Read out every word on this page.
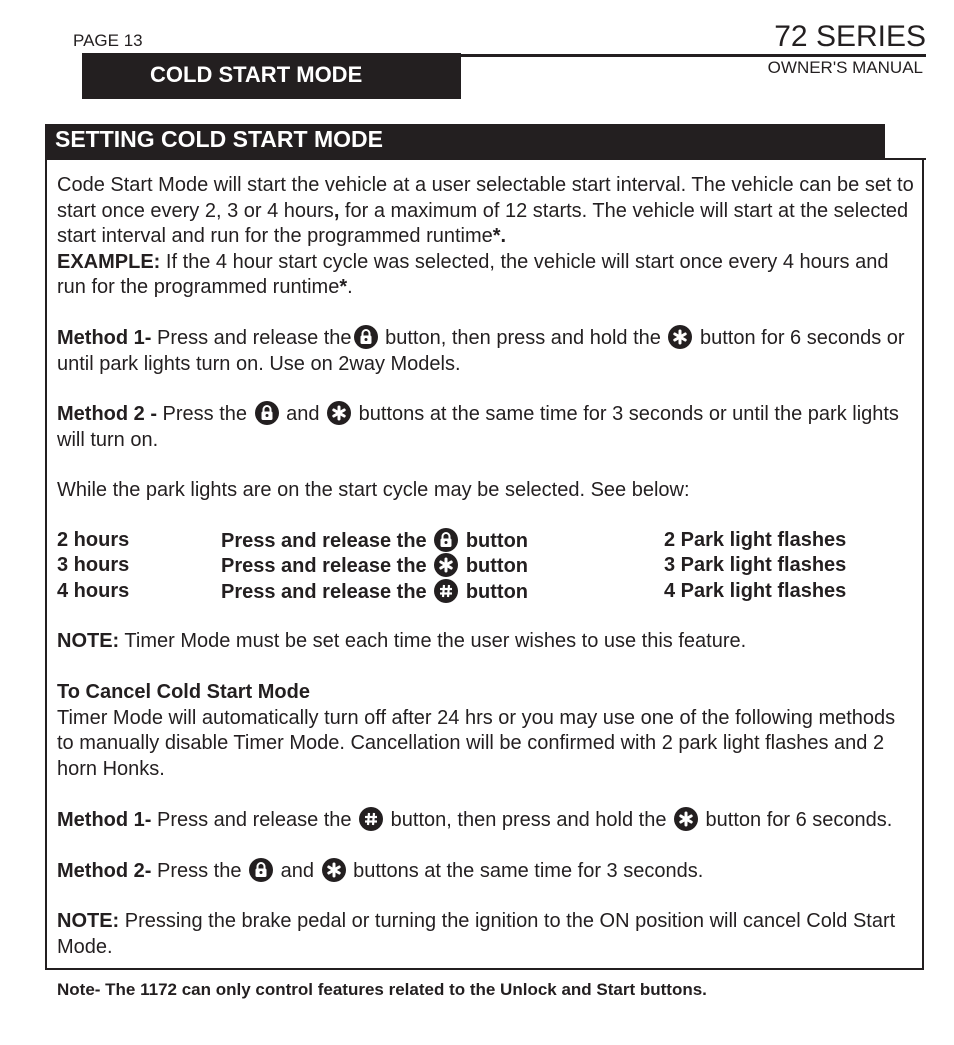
PAGE 13	72 SERIES
OWNER'S MANUAL
COLD START MODE
SETTING COLD START MODE
Code Start Mode will start the vehicle at a user selectable start interval. The vehicle can be set to start once every 2, 3 or 4 hours, for a maximum of 12 starts. The vehicle will start at the selected start interval and run for the programmed runtime*.
EXAMPLE: If the 4 hour start cycle was selected, the vehicle will start once every 4 hours and run for the programmed runtime*.
Method 1- Press and release the
button, then press and hold the
button for 6 seconds or until park lights turn on. Use on 2way Models.
Method 2 - Press the
and
buttons at the same time for 3 seconds or until the park lights will turn on.
While the park lights are on the start cycle may be selected. See below:
2 hours	Press and release the button	2 Park light flashes
3 hours	Press and release the button	3 Park light flashes
4 hours	Press and release the button	4 Park light flashes
NOTE: Timer Mode must be set each time the user wishes to use this feature.
To Cancel Cold Start Mode
Timer Mode will automatically turn off after 24 hrs or you may use one of the following methods to manually disable Timer Mode. Cancellation will be confirmed with 2 park light flashes and 2 horn Honks.
Method 1- Press and release the
button, then press and hold the
button for 6 seconds.
Method 2- Press the
and
buttons at the same time for 3 seconds.
NOTE: Pressing the brake pedal or turning the ignition to the ON position will cancel Cold Start Mode.
Note- The 1172 can only control features related to the Unlock and Start buttons.
